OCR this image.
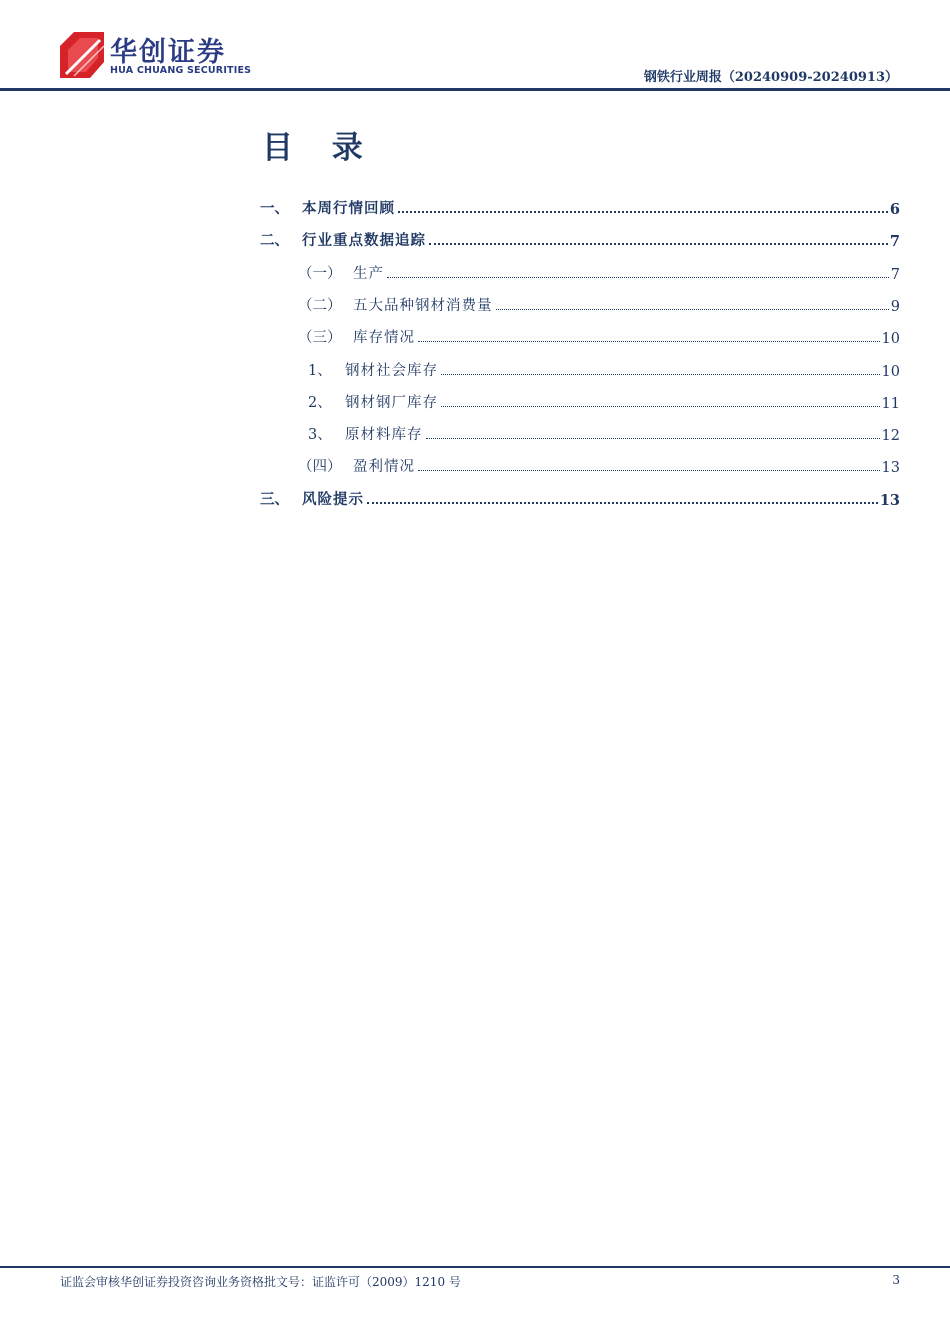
华创证券
HUA CHUANG SECURITIES	钢铁行业周报（20240909-20240913）
目 录
一、 本周行情回顾	6
二、 行业重点数据追踪	7
（一） 生产	7
（二） 五大品种钢材消费量	9
（三） 库存情况	10
1、 钢材社会库存	10
2、 钢材钢厂库存	11
3、 原材料库存	12
（四） 盈利情况	13
三、 风险提示	13
证监会审核华创证券投资咨询业务资格批文号：证监许可（2009）1210 号	3
